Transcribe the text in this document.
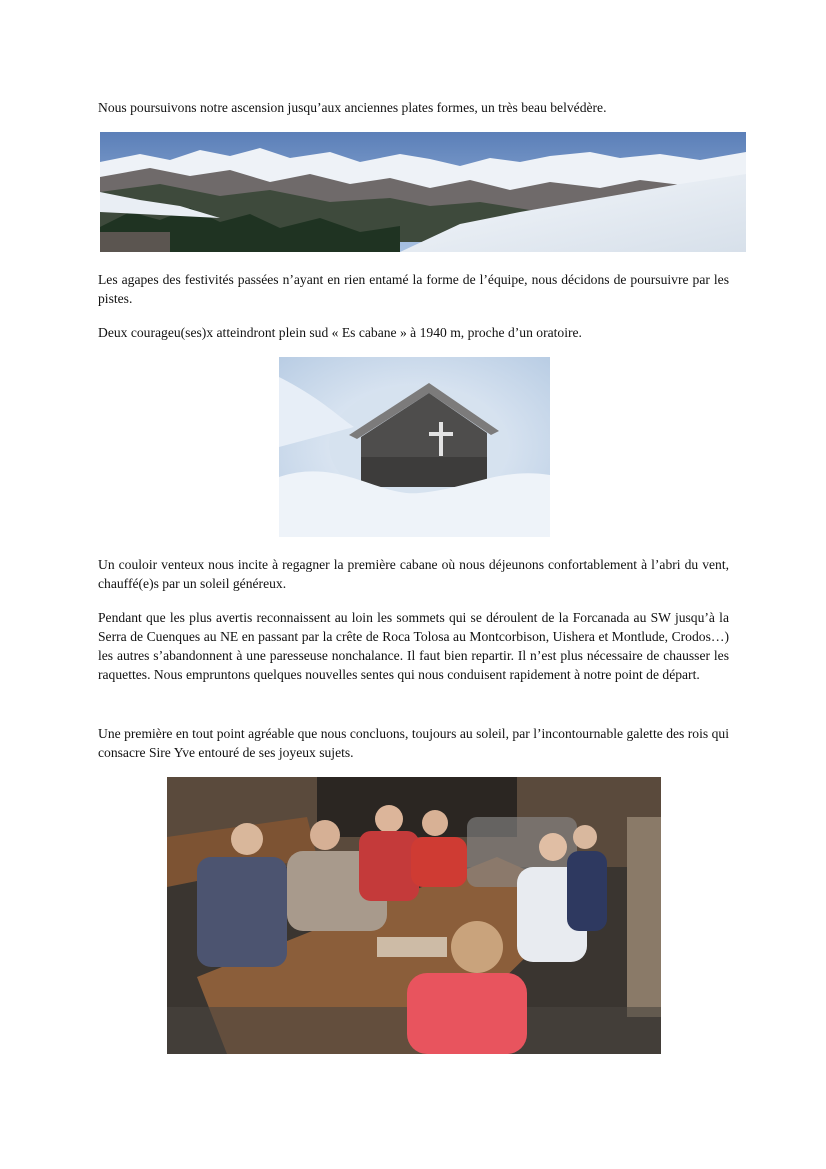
Nous poursuivons notre ascension jusqu’aux anciennes plates formes, un très beau belvédère.

Les agapes des festivités passées n’ayant en rien entamé la forme de l’équipe, nous décidons de poursuivre par les pistes.

Deux courageu(ses)x atteindront plein sud « Es cabane » à 1940 m, proche d’un oratoire.

Un couloir venteux nous incite à regagner la première cabane où nous déjeunons confortablement à l’abri du vent, chauffé(e)s par un soleil généreux.

Pendant que les plus avertis reconnaissent au loin les sommets qui se déroulent de la Forcanada au SW jusqu’à la Serra de Cuenques au NE en passant par la crête de Roca Tolosa au Montcorbison, Uishera et Montlude, Crodos…) les autres s’abandonnent à une paresseuse nonchalance. Il faut bien repartir. Il n’est plus nécessaire de chausser les raquettes. Nous empruntons quelques nouvelles sentes qui nous conduisent rapidement à notre point de départ.

Une première en tout point agréable que nous concluons, toujours au soleil, par l’incontournable galette des rois qui consacre Sire Yve entouré de ses joyeux sujets.
